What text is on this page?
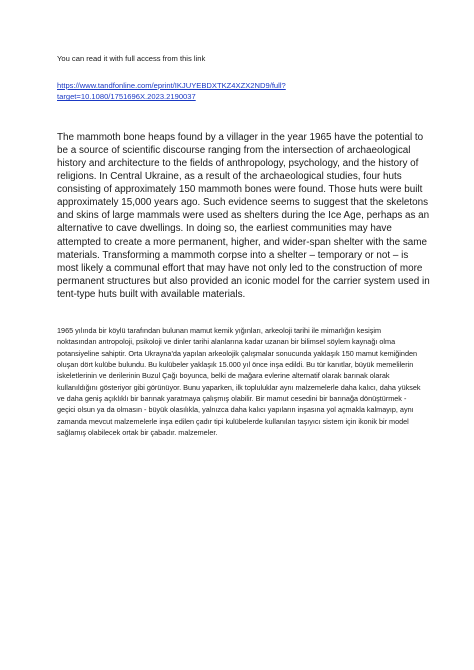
You can read it with full access from this link

https://www.tandfonline.com/eprint/IKJUYEBDXTKZ4XZX2ND9/full?
target=10.1080/1751696X.2023.2190037

The mammoth bone heaps found by a villager in the year 1965 have the potential to be a source of scientific discourse ranging from the intersection of archaeological history and architecture to the fields of anthropology, psychology, and the history of religions. In Central Ukraine, as a result of the archaeological studies, four huts consisting of approximately 150 mammoth bones were found. Those huts were built approximately 15,000 years ago. Such evidence seems to suggest that the skeletons and skins of large mammals were used as shelters during the Ice Age, perhaps as an alternative to cave dwellings. In doing so, the earliest communities may have attempted to create a more permanent, higher, and wider-span shelter with the same materials. Transforming a mammoth corpse into a shelter – temporary or not – is most likely a communal effort that may have not only led to the construction of more permanent structures but also provided an iconic model for the carrier system used in tent-type huts built with available materials.

1965 yılında bir köylü tarafından bulunan mamut kemik yığınları, arkeoloji tarihi ile mimarlığın kesişim noktasından antropoloji, psikoloji ve dinler tarihi alanlarına kadar uzanan bir bilimsel söylem kaynağı olma potansiyeline sahiptir. Orta Ukrayna'da yapılan arkeolojik çalışmalar sonucunda yaklaşık 150 mamut kemiğinden oluşan dört kulübe bulundu. Bu kulübeler yaklaşık 15.000 yıl önce inşa edildi. Bu tür kanıtlar, büyük memelilerin iskeletlerinin ve derilerinin Buzul Çağı boyunca, belki de mağara evlerine alternatif olarak barınak olarak kullanıldığını gösteriyor gibi görünüyor. Bunu yaparken, ilk topluluklar aynı malzemelerle daha kalıcı, daha yüksek ve daha geniş açıklıklı bir barınak yaratmaya çalışmış olabilir. Bir mamut cesedini bir barınağa dönüştürmek - geçici olsun ya da olmasın - büyük olasılıkla, yalnızca daha kalıcı yapıların inşasına yol açmakla kalmayıp, aynı zamanda mevcut malzemelerle inşa edilen çadır tipi kulübelerde kullanılan taşıyıcı sistem için ikonik bir model sağlamış olabilecek ortak bir çabadır. malzemeler.
